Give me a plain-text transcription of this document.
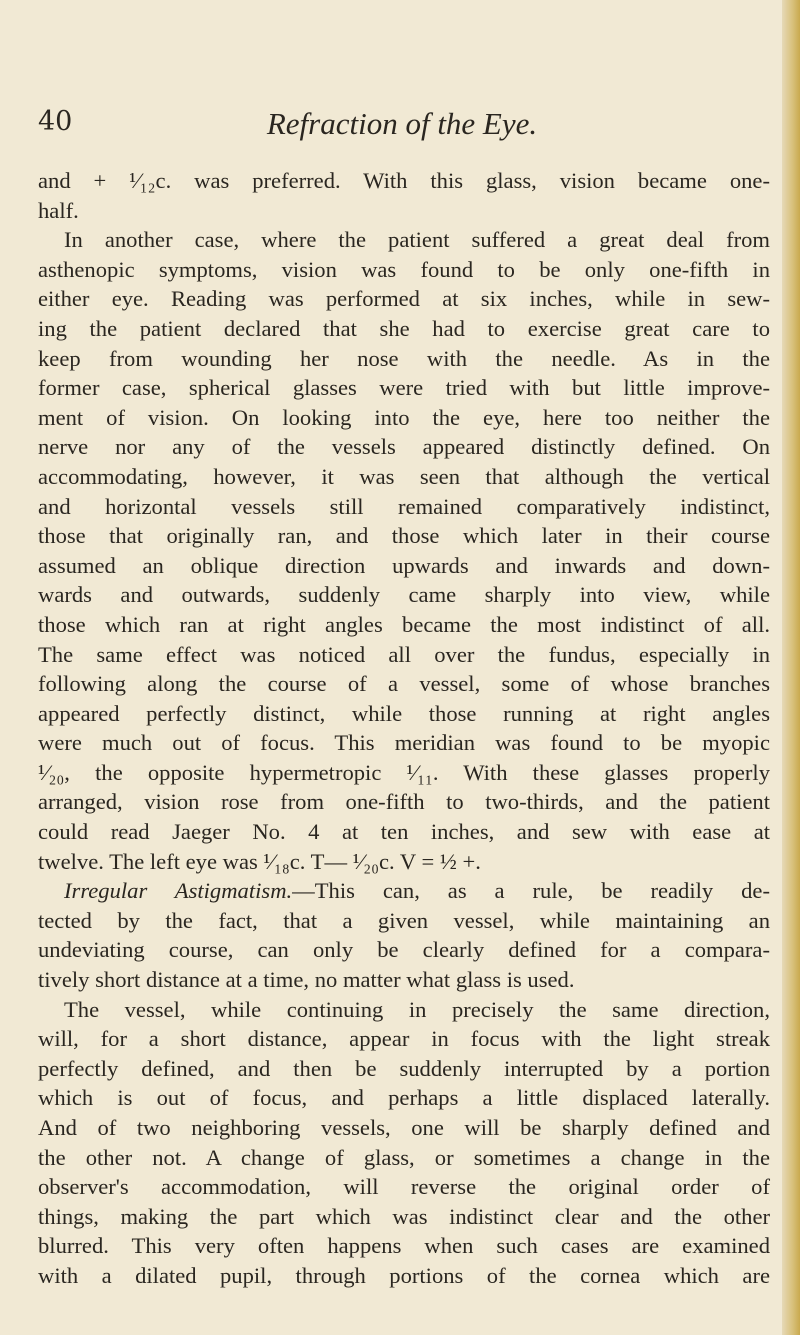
40	Refraction of the Eye.
and + ¹⁄₁₂c. was preferred. With this glass, vision became one-
half.
In another case, where the patient suffered a great deal from
asthenopic symptoms, vision was found to be only one-fifth in
either eye. Reading was performed at six inches, while in sew-
ing the patient declared that she had to exercise great care to
keep from wounding her nose with the needle. As in the
former case, spherical glasses were tried with but little improve-
ment of vision. On looking into the eye, here too neither the
nerve nor any of the vessels appeared distinctly defined. On
accommodating, however, it was seen that although the vertical
and horizontal vessels still remained comparatively indistinct,
those that originally ran, and those which later in their course
assumed an oblique direction upwards and inwards and down-
wards and outwards, suddenly came sharply into view, while
those which ran at right angles became the most indistinct of all.
The same effect was noticed all over the fundus, especially in
following along the course of a vessel, some of whose branches
appeared perfectly distinct, while those running at right angles
were much out of focus. This meridian was found to be myopic
¹⁄₂₀, the opposite hypermetropic ¹⁄₁₁. With these glasses properly
arranged, vision rose from one-fifth to two-thirds, and the patient
could read Jaeger No. 4 at ten inches, and sew with ease at
twelve. The left eye was ¹⁄₁₈c. T— ¹⁄₂₀c. V = ½ +.
Irregular Astigmatism.—This can, as a rule, be readily de-
tected by the fact, that a given vessel, while maintaining an
undeviating course, can only be clearly defined for a compara-
tively short distance at a time, no matter what glass is used.
The vessel, while continuing in precisely the same direction,
will, for a short distance, appear in focus with the light streak
perfectly defined, and then be suddenly interrupted by a portion
which is out of focus, and perhaps a little displaced laterally.
And of two neighboring vessels, one will be sharply defined and
the other not. A change of glass, or sometimes a change in the
observer's accommodation, will reverse the original order of
things, making the part which was indistinct clear and the other
blurred. This very often happens when such cases are examined
with a dilated pupil, through portions of the cornea which are
